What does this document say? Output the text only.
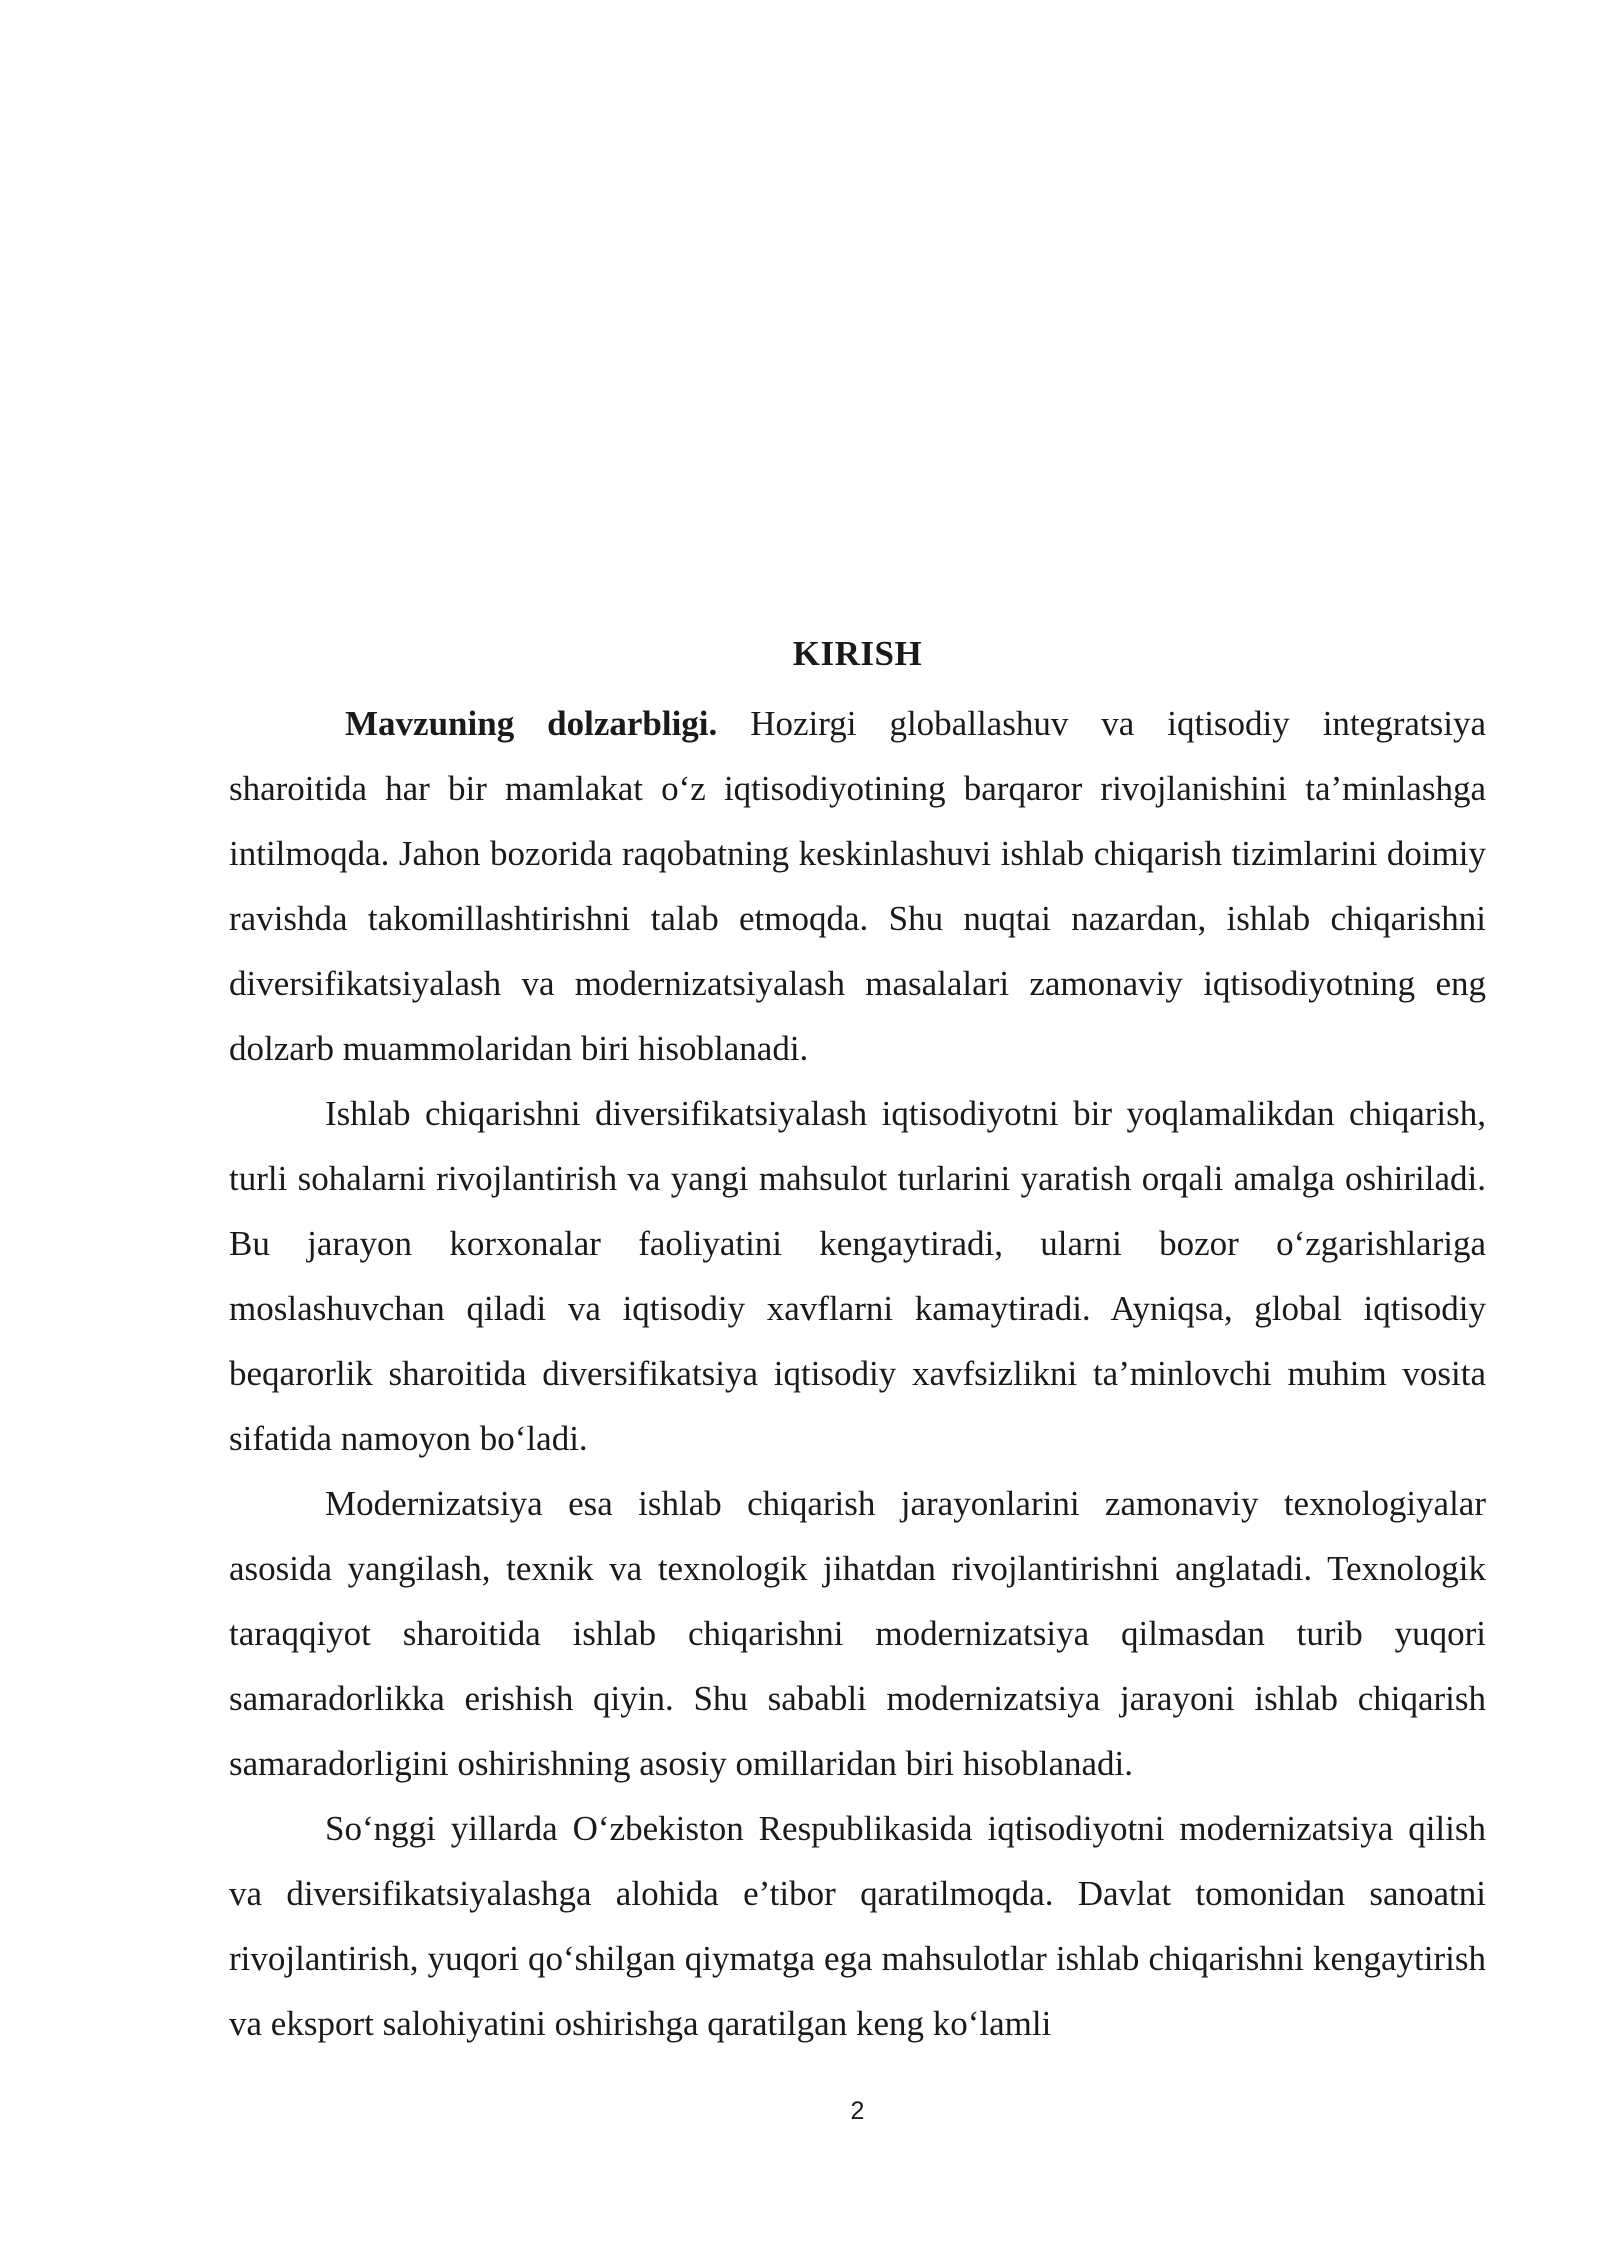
KIRISH

Mavzuning dolzarbligi. Hozirgi globallashuv va iqtisodiy integratsiya sharoitida har bir mamlakat o‘z iqtisodiyotining barqaror rivojlanishini ta’minlashga intilmoqda. Jahon bozorida raqobatning keskinlashuvi ishlab chiqarish tizimlarini doimiy ravishda takomillashtirishni talab etmoqda. Shu nuqtai nazardan, ishlab chiqarishni diversifikatsiyalash va modernizatsiyalash masalalari zamonaviy iqtisodiyotning eng dolzarb muammolaridan biri hisoblanadi.

Ishlab chiqarishni diversifikatsiyalash iqtisodiyotni bir yoqlamalikdan chiqarish, turli sohalarni rivojlantirish va yangi mahsulot turlarini yaratish orqali amalga oshiriladi. Bu jarayon korxonalar faoliyatini kengaytiradi, ularni bozor o‘zgarishlariga moslashuvchan qiladi va iqtisodiy xavflarni kamaytiradi. Ayniqsa, global iqtisodiy beqarorlik sharoitida diversifikatsiya iqtisodiy xavfsizlikni ta’minlovchi muhim vosita sifatida namoyon bo‘ladi.

Modernizatsiya esa ishlab chiqarish jarayonlarini zamonaviy texnologiyalar asosida yangilash, texnik va texnologik jihatdan rivojlantirishni anglatadi. Texnologik taraqqiyot sharoitida ishlab chiqarishni modernizatsiya qilmasdan turib yuqori samaradorlikka erishish qiyin. Shu sababli modernizatsiya jarayoni ishlab chiqarish samaradorligini oshirishning asosiy omillaridan biri hisoblanadi.

So‘nggi yillarda O‘zbekiston Respublikasida iqtisodiyotni modernizatsiya qilish va diversifikatsiyalashga alohida e’tibor qaratilmoqda. Davlat tomonidan sanoatni rivojlantirish, yuqori qo‘shilgan qiymatga ega mahsulotlar ishlab chiqarishni kengaytirish va eksport salohiyatini oshirishga qaratilgan keng ko‘lamli

2
